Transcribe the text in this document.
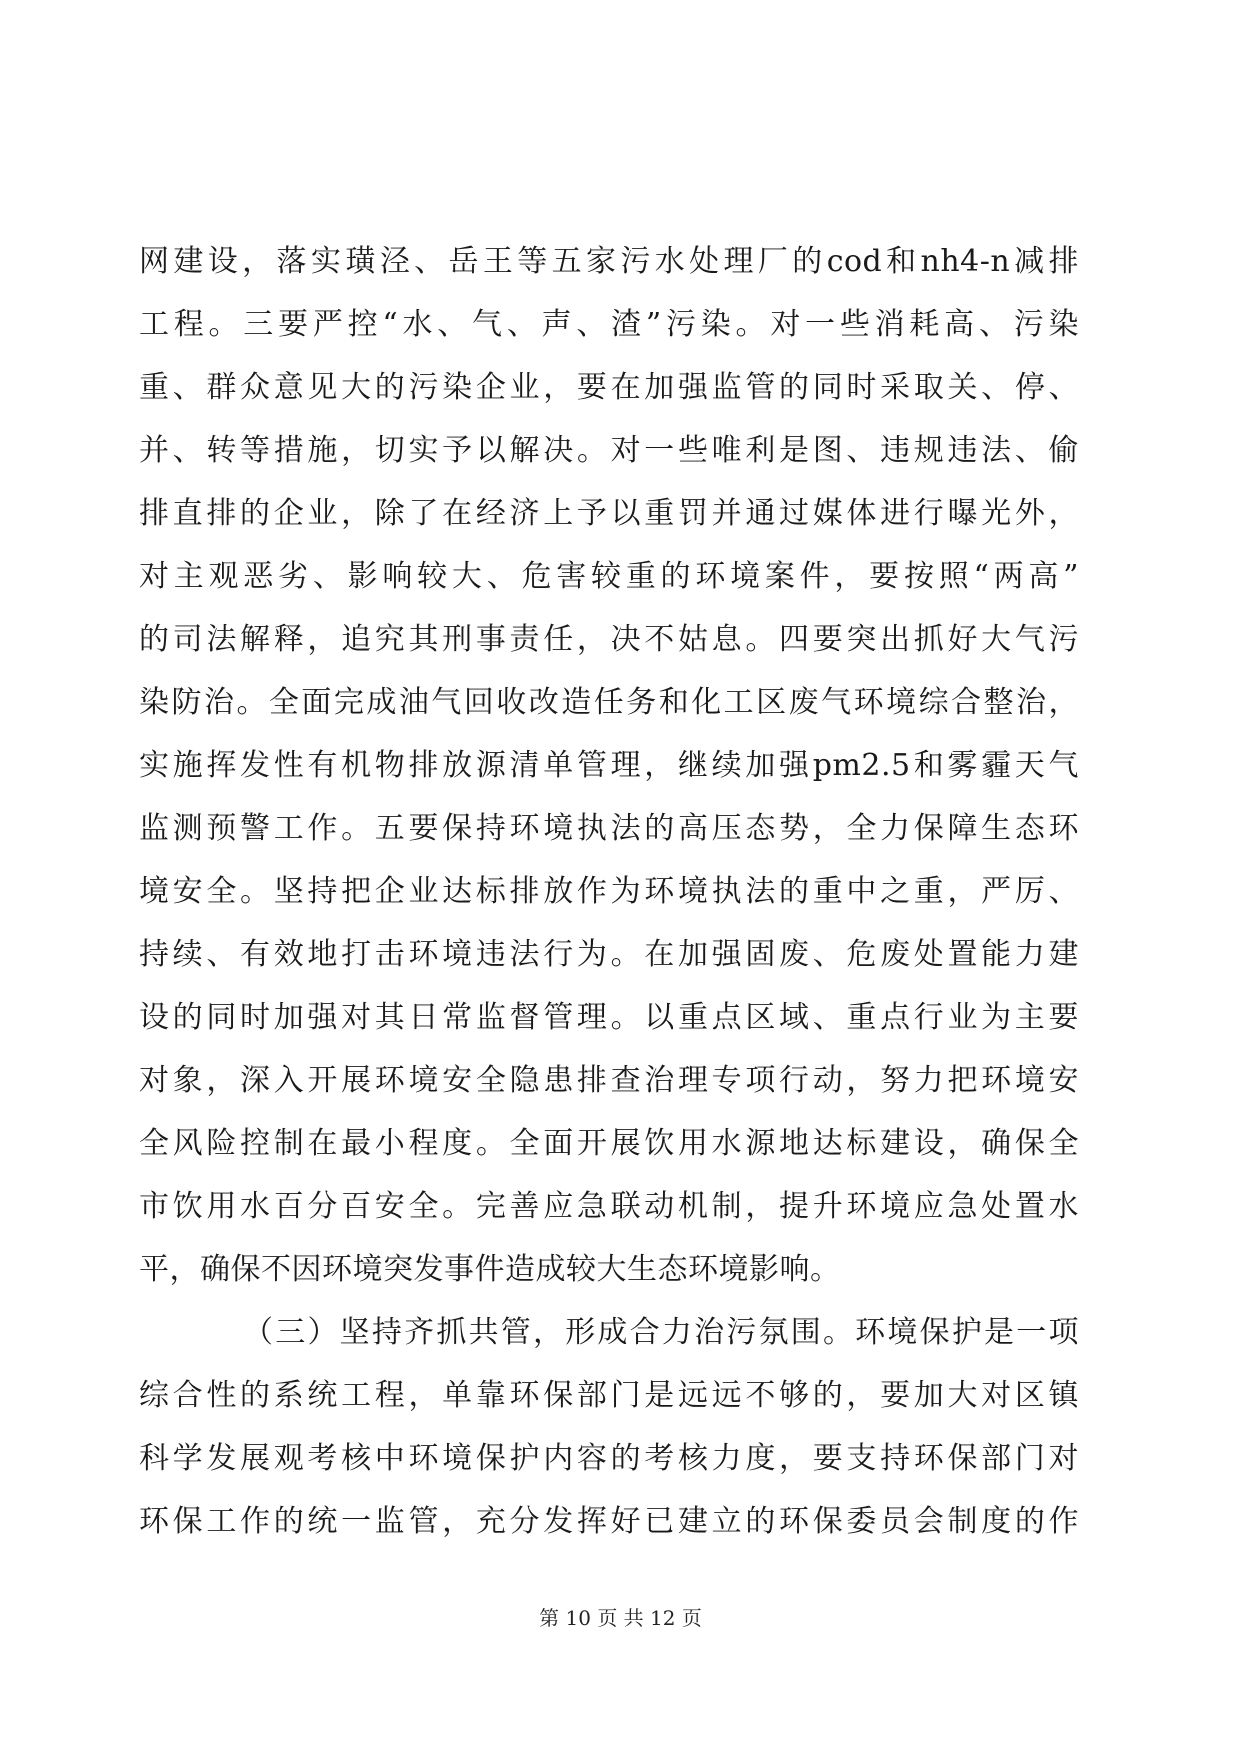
网建设，落实璜泾、岳王等五家污水处理厂的cod和nh4-n减排
工程。三要严控“水、气、声、渣”污染。对一些消耗高、污染
重、群众意见大的污染企业，要在加强监管的同时采取关、停、
并、转等措施，切实予以解决。对一些唯利是图、违规违法、偷
排直排的企业，除了在经济上予以重罚并通过媒体进行曝光外，
对主观恶劣、影响较大、危害较重的环境案件，要按照“两高”
的司法解释，追究其刑事责任，决不姑息。四要突出抓好大气污
染防治。全面完成油气回收改造任务和化工区废气环境综合整治，
实施挥发性有机物排放源清单管理，继续加强pm2.5和雾霾天气
监测预警工作。五要保持环境执法的高压态势，全力保障生态环
境安全。坚持把企业达标排放作为环境执法的重中之重，严厉、
持续、有效地打击环境违法行为。在加强固废、危废处置能力建
设的同时加强对其日常监督管理。以重点区域、重点行业为主要
对象，深入开展环境安全隐患排查治理专项行动，努力把环境安
全风险控制在最小程度。全面开展饮用水源地达标建设，确保全
市饮用水百分百安全。完善应急联动机制，提升环境应急处置水
平，确保不因环境突发事件造成较大生态环境影响。
（三）坚持齐抓共管，形成合力治污氛围。环境保护是一项
综合性的系统工程，单靠环保部门是远远不够的，要加大对区镇
科学发展观考核中环境保护内容的考核力度，要支持环保部门对
环保工作的统一监管，充分发挥好已建立的环保委员会制度的作
第 10 页 共 12 页
